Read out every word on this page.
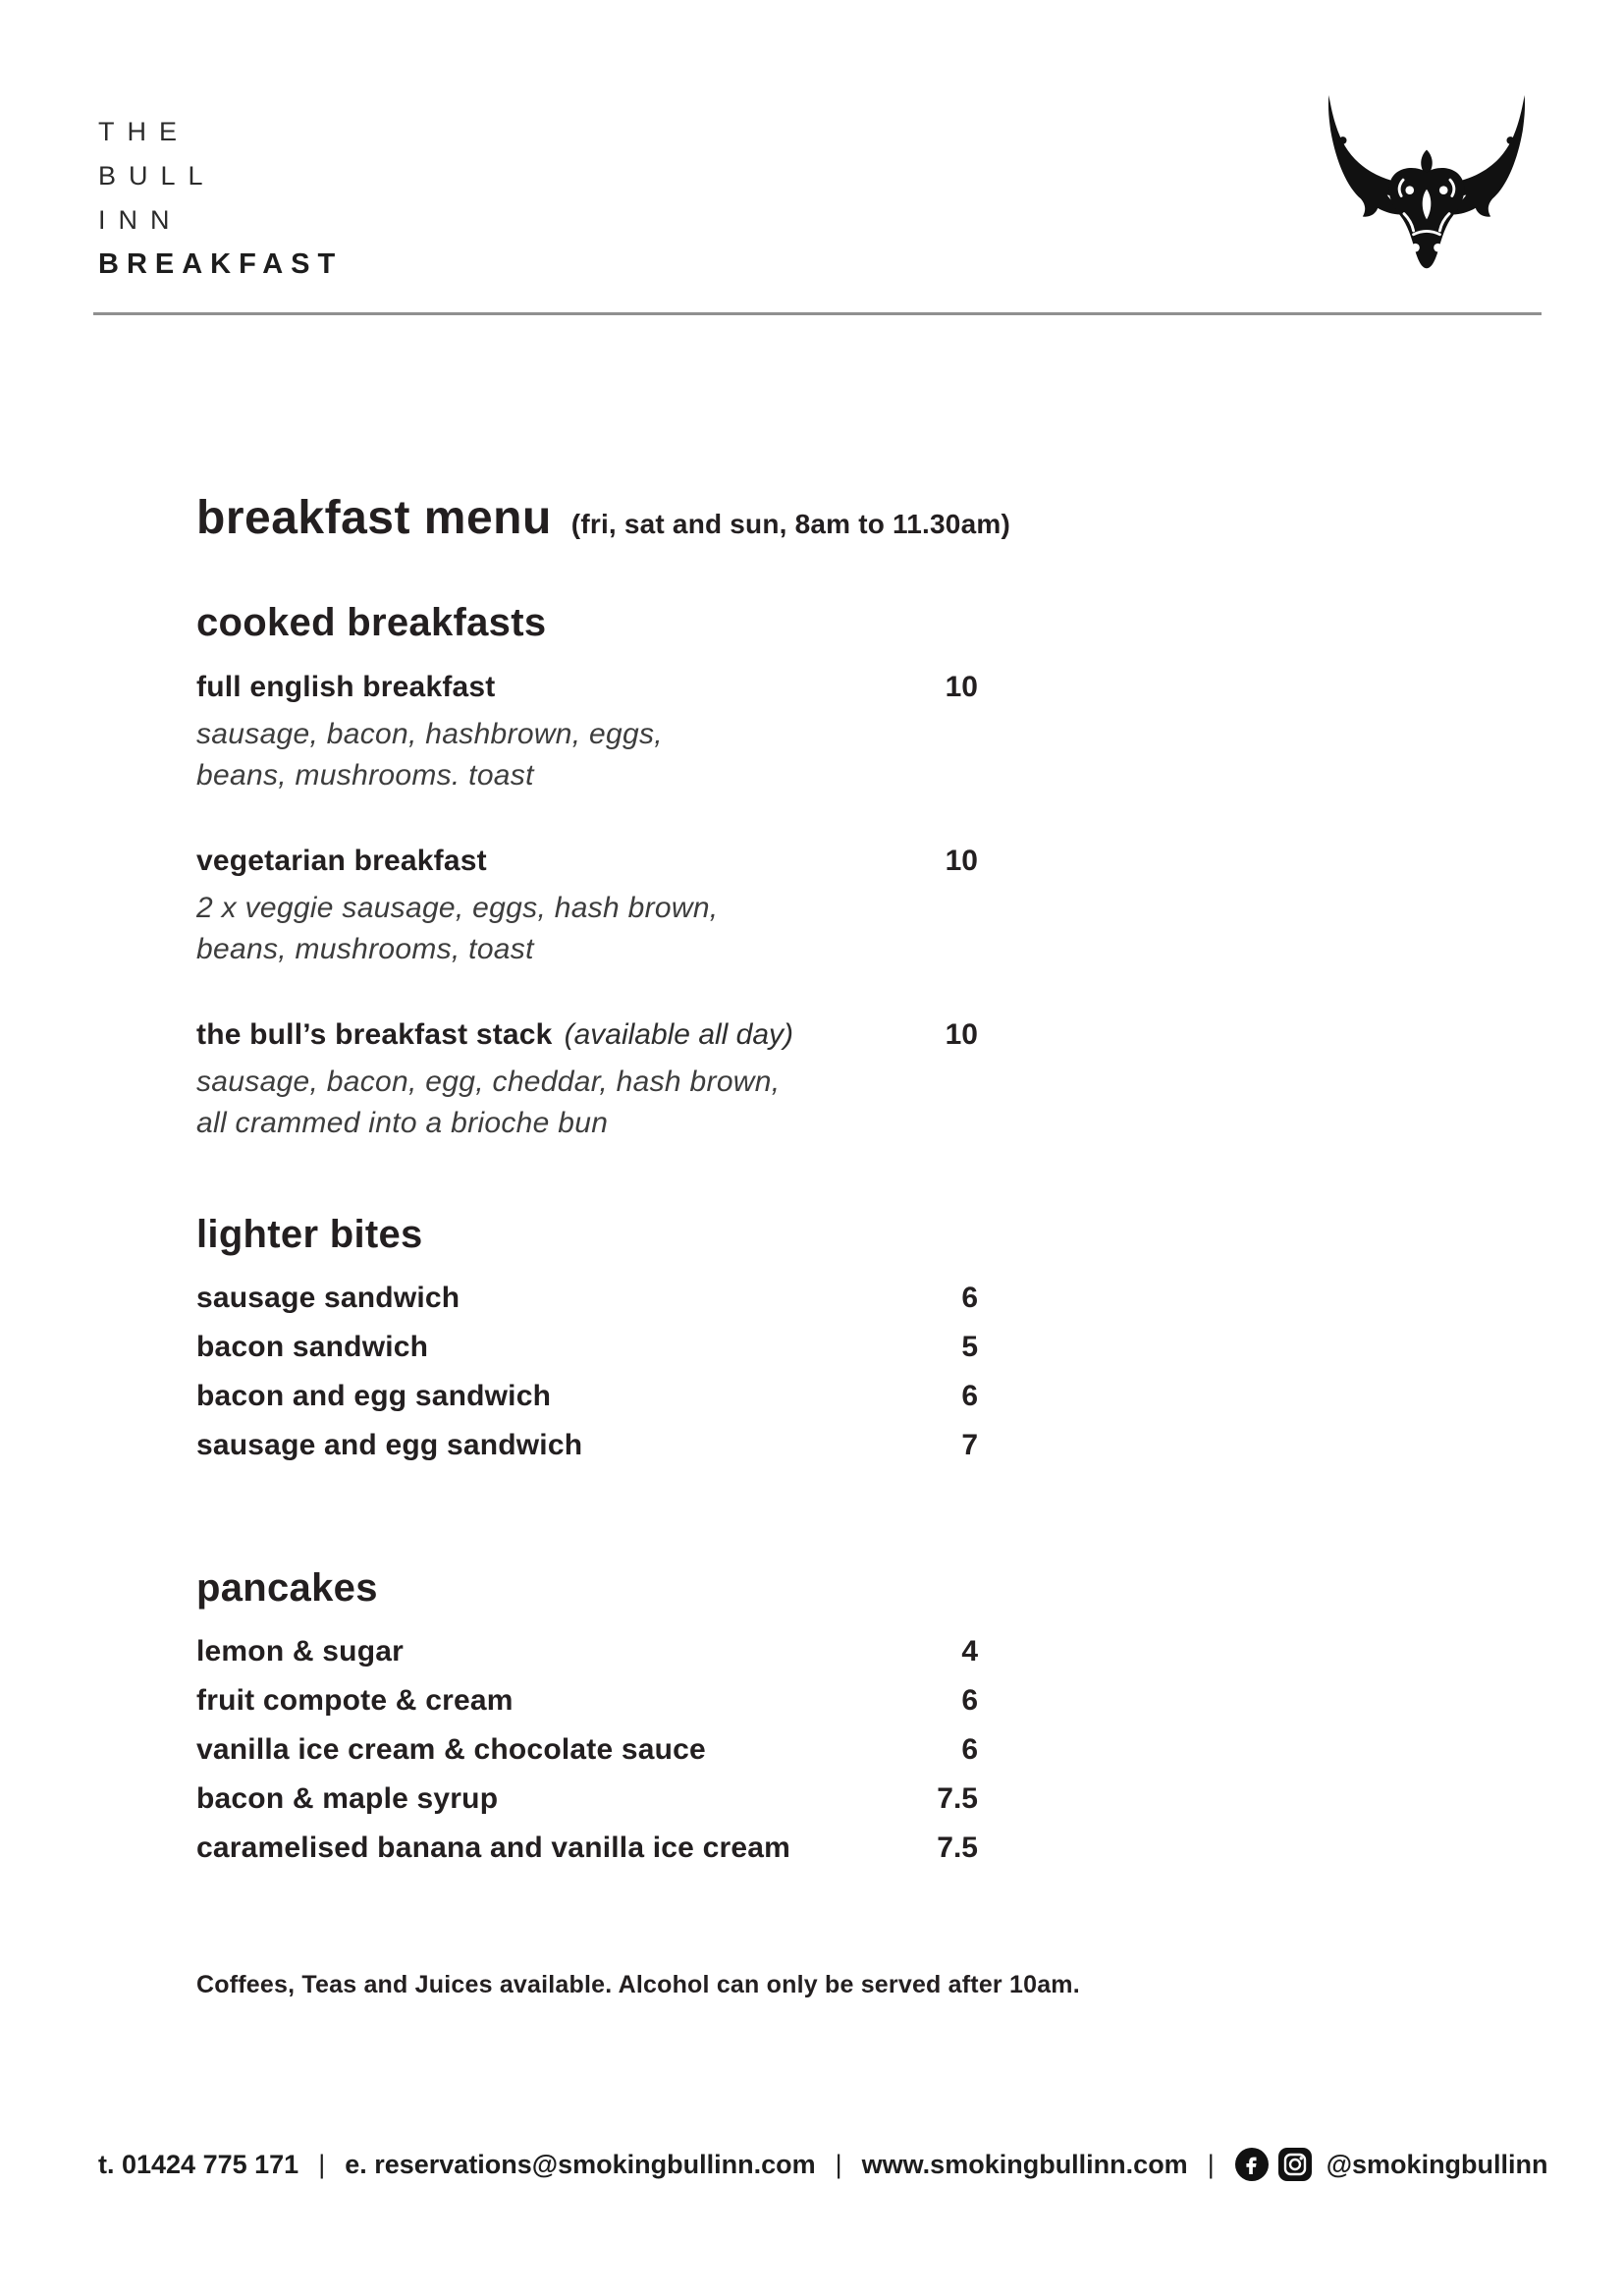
THE
BULL
INN
BREAKFAST
breakfast menu (fri, sat and sun, 8am to 11.30am)
cooked breakfasts
full english breakfast	10
sausage, bacon, hashbrown, eggs,
beans, mushrooms. toast
vegetarian breakfast	10
2 x veggie sausage, eggs, hash brown,
beans, mushrooms, toast
the bull’s breakfast stack (available all day)	10
sausage, bacon, egg, cheddar, hash brown,
all crammed into a brioche bun
lighter bites
sausage sandwich	6
bacon sandwich	5
bacon and egg sandwich	6
sausage and egg sandwich	7
pancakes
lemon & sugar	4
fruit compote & cream	6
vanilla ice cream & chocolate sauce	6
bacon & maple syrup	7.5
caramelised banana and vanilla ice cream	7.5

Coffees, Teas and Juices available. Alcohol can only be served after 10am.

t. 01424 775 171 | e. reservations@smokingbullinn.com | www.smokingbullinn.com |	@smokingbullinn
